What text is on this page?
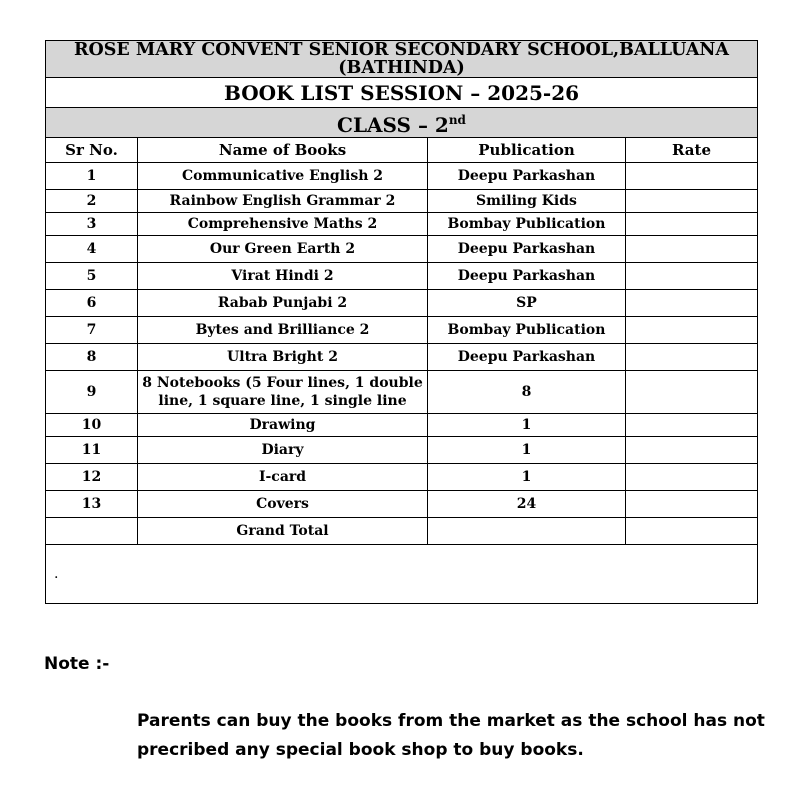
ROSE MARY CONVENT SENIOR SECONDARY SCHOOL,BALLUANA (BATHINDA)			
BOOK LIST SESSION – 2025-26			
CLASS – 2nd
Sr No.	Name of Books	Publication	Rate
1	Communicative English 2	Deepu Parkashan	
2	Rainbow English Grammar 2	Smiling Kids	
3	Comprehensive Maths 2	Bombay Publication	
4	Our Green Earth 2	Deepu Parkashan	
5	Virat Hindi 2	Deepu Parkashan	
6	Rabab Punjabi 2	SP	
7	Bytes and Brilliance 2	Bombay Publication	
8	Ultra Bright 2	Deepu Parkashan	
9	8 Notebooks (5 Four lines, 1 double line, 1 square line, 1 single line	8	
10	Drawing	1	
11	Diary	1	
12	I-card	1	
13	Covers	24	
	Grand Total		
.			
Note :-
Parents can buy the books from the market as the school has not precribed any special book shop to buy books.
